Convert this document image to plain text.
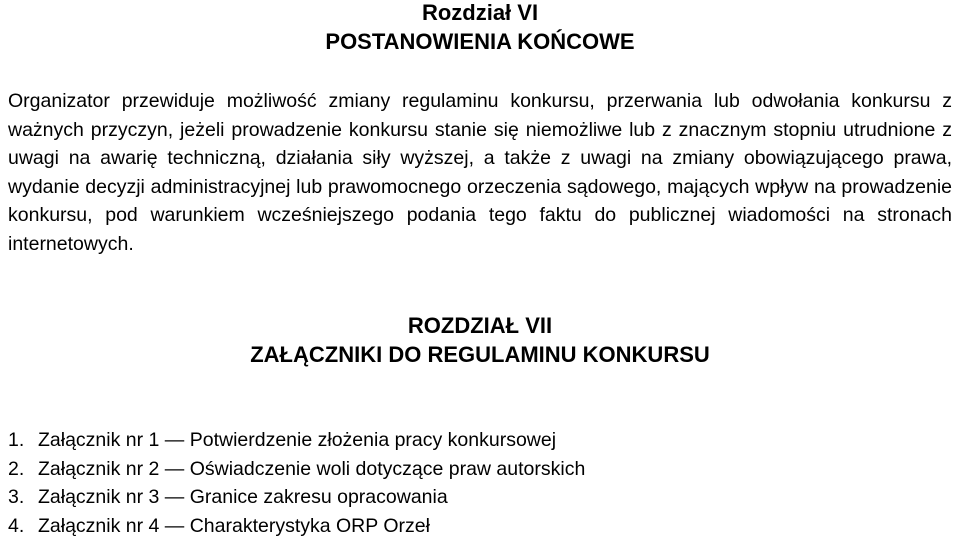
Rozdział VI
POSTANOWIENIA KOŃCOWE

Organizator przewiduje możliwość zmiany regulaminu konkursu, przerwania lub odwołania konkursu z ważnych przyczyn, jeżeli prowadzenie konkursu stanie się niemożliwe lub z znacznym stopniu utrudnione z uwagi na awarię techniczną, działania siły wyższej, a także z uwagi na zmiany obowiązującego prawa, wydanie decyzji administracyjnej lub prawomocnego orzeczenia sądowego, mających wpływ na prowadzenie konkursu, pod warunkiem wcześniejszego podania tego faktu do publicznej wiadomości na stronach internetowych.

ROZDZIAŁ VII
ZAŁĄCZNIKI DO REGULAMINU KONKURSU
1. Załącznik nr 1 — Potwierdzenie złożenia pracy konkursowej
2. Załącznik nr 2 — Oświadczenie woli dotyczące praw autorskich
3. Załącznik nr 3 — Granice zakresu opracowania
4. Załącznik nr 4 — Charakterystyka ORP Orzeł
